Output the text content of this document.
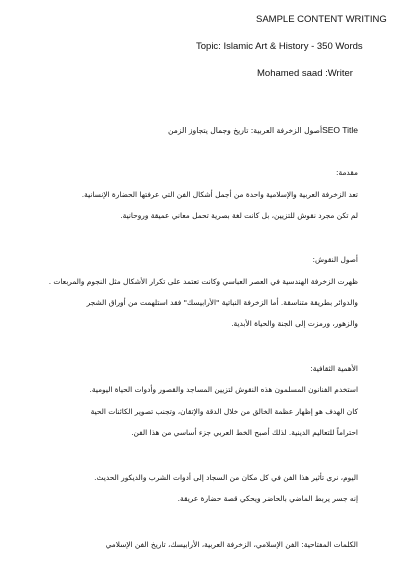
SAMPLE CONTENT WRITING
Topic: Islamic Art & History - 350 Words
Mohamed saad :Writer
SEO Titleأصول الزخرفة العربية: تاريخ وجمال يتجاوز الزمن
مقدمة:
تعد الزخرفة العربية والإسلامية واحدة من أجمل أشكال الفن التي عرفتها الحضارة الإنسانية.
لم تكن مجرد نقوش للتزيين، بل كانت لغة بصرية تحمل معاني عميقة وروحانية.
أصول النقوش:
ظهرت الزخرفة الهندسية في العصر العباسي وكانت تعتمد على تكرار الأشكال مثل النجوم والمربعات .
والدوائر بطريقة متناسقة. أما الزخرفة النباتية "الأرابيسك" فقد استلهمت من أوراق الشجر
والزهور، ورمزت إلى الجنة والحياة الأبدية.
الأهمية الثقافية:
استخدم الفنانون المسلمون هذه النقوش لتزيين المساجد والقصور وأدوات الحياة اليومية.
كان الهدف هو إظهار عظمة الخالق من خلال الدقة والإتقان، وتجنب تصوير الكائنات الحية
احتراماً للتعاليم الدينية. لذلك أصبح الخط العربي جزء أساسي من هذا الفن.
اليوم، نرى تأثير هذا الفن في كل مكان من السجاد إلى أدوات الشرب والديكور الحديث.
إنه جسر يربط الماضي بالحاضر ويحكي قصة حضارة عريقة.
الكلمات المفتاحية: الفن الإسلامي، الزخرفة العربية، الأرابيسك، تاريخ الفن الإسلامي
